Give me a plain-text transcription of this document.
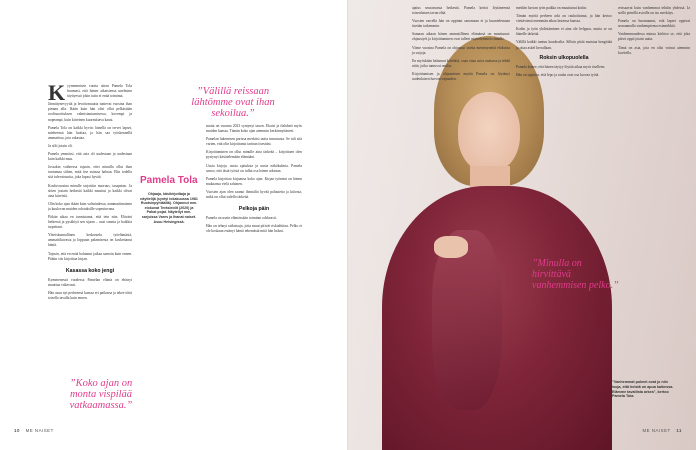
K yymmenisen vuotta sitten Pamela Tola huomasi, että hänen aikaisiensa unelmien täyttyessä jokin tuttu ei enää toiminut.

Jännittynevyyttä ja levottomuutta tuntevat vuosina ihan pinnan alla. Ikään kuin hän olisi ollut pelkästään roolisuorituksen valmistautumisessa, kovempi ja nopeampi, kuin kiireinen kuormittava kausi.

Pamela Tola on kaikki hyvin: hänellä on tervet lapset, mieheensä hän luottaa, ja hän saa työskennellä ammatissa, jota rakastaa.

Ja silti jotain oli.

Pamela ymmärsi, että asia oli uudestaan ja uudestaan kuin kaikki muu.

Jossakin vaiheessa tajusin, ettei minulla ollut ihan tuntumaa siihen, mitä itse asiassa haluan. Elin todella sitä tulevaisuutta, joka lupasi hyvää.

Kouluvuosina minulle tarjottiin nuoruus, tasapaino. Ja sitten jostain hetkestä kaikki muuttui ja kaikki olivat aina kiireisiä.

Olin koko ajan ikään kuin valmiudessa, aammattimainen ja kuulovan muiden odotuksille sopeutuvana.

Pitkän aikaa en tunnistanut, että tein niin. Eläväni hetkessä ja pysähtyä sen sijaan – uusi suunta ja kaikkia tarpeitani.

Yhteiskunnallinen keskustelu työelämästä, ammattikuvasta ja loppuun palamisesta on koskettanut häntä.

Tajusin, että en enää halunnut jatkaa samoin kuin ennen. Päätin siis kirjoittaa kirjan.

Kasassa koko jengi

Kymmenessä vuodessa Pamelan elämä on ehtinyt muuttua valtavasti.

Hän asuu nyt perheensä kanssa eri paikassa ja tekee töitä toisella tavalla kuin ennen.

”Välillä reissaan lähtömme ovat ihan sekoilua.”
Pamela Tola
Ohjaaja, käsikirjoittaja ja näyttelijä (syntyi lokakuussa 1981 Ruotsinpyhtäällä). Ohjannut mm. elokuvat Teräsleidit (2020) ja Pahat pojat. Näytellyt mm. sarjoissa Vares ja Ihanat naiset. Asuu Helsingissä.

mutta on vuonna 2023 syntynyt tauon. Ekaisi ja ilahdutti myös muiden kanssa. Tämän koko ajan aiemmin keräännyttäneet.

Pamelan lukemisen parissa merkitsi uutta innostusta. Se tuli sitä varten, että olin kirjoittanut tarinan itsestäni.

Kirjoittaminen on ollut minulle aina tärkeää – kirjoittaen olen pystynyt käsittelemään elämääni.

Uusia kirjoja, uusia ajatuksia ja uusia näkökulmia. Pamela sanoo, että tästä työstä on tullut osa hänen arkeaan.

Pamela kirjoittaa kirjaansa koko ajan. Kirjan työnimi on hänen mukaansa vielä salainen.

Vuosien ajan olen saanut ihmisiltä hyvää palautetta ja kiitosta, mikä on ollut todella tärkeää.

Pelkoja päin

Pamela on usein elämässään toiminut rohkeasti.

Hän on tehnyt ratkaisuja, joita muut pitivät riskialttiina. Pelko ei ole koskaan estänyt häntä tekemästä mitä hän halusi.

”Koko ajan on monta vispilää vatkaamassa.”
10 ME NAISET

ajatus seuraavasta hetkestä. Pamela kertoi löytäneensä toisenlaisen tavan elää.

Vuosien varrella hän on oppinut sanomaan ei ja kuuntelemaan itseään tarkemmin.

Samaan aikaan hänen ammatillinen elämänsä on muuttunut: ohjaustyöt ja kirjoittaminen ovat tulleet näyttelemisen rinnalle.

Viime vuosina Pamela on ohjannut useita menestyneitä elokuvia ja sarjoja.

En myöskään halunnut kiirehtiä, vaan ottaa asiat rauhassa ja tehdä niitä, jotka tuntuvat omilta.

Kirjoittamisen ja ohjaamisen myötä Pamela on löytänyt uudenlaisen luovan vapauden.

meidän luovan työn paikka on muuttunut kotiin.

Tämän myötä perheen arki on rauhoittunut, ja hän kertoo viettävänsä enemmän aikaa lastensa kanssa.

Kodin ja työn yhdistäminen ei aina ole helppoa, mutta se on hänelle tärkeää.

Välillä kaikki tuntuu kaaokselta. Silloin pitää muistaa hengittää ja ottaa askel kerrallaan.

Roksin ulkopuolella

Pamela kokee, että hänen täytyy löytää aikaa myös itselleen.

Hän on oppinut, että lepo ja rauha ovat osa luovaa työtä.

reissaavat kuin vanhemmat tehtiin yhdessä. Ja siellä pienillä asioilla on iso merkitys.

Pamela on huomannut, että lapset oppivat seuraamalla vanhempiensa esimerkkiä.

Vanhemmuudessa minua kiehtoo se, että joka päivä oppii jotain uutta.

Tämä on asia, jota en olisi voinut aiemmin kuvitella.

”Minulla on hirvittävä vanhemmisen pelko.”
”Vanhemmat pukeet ovat jo niin isoja, että heistä on apua kaikessa. Elämme tavallista arkea”, kertoo Pamela Tola.
ME NAISET 11
